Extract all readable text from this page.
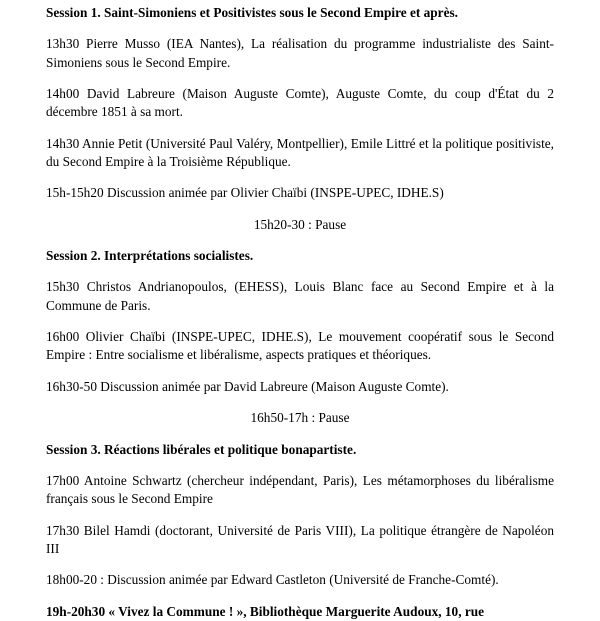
Session 1. Saint-Simoniens et Positivistes sous le Second Empire et après.

13h30 Pierre Musso (IEA Nantes), La réalisation du programme industrialiste des Saint-Simoniens sous le Second Empire.

14h00 David Labreure (Maison Auguste Comte), Auguste Comte, du coup d'État du 2 décembre 1851 à sa mort.

14h30 Annie Petit (Université Paul Valéry, Montpellier), Emile Littré et la politique positiviste, du Second Empire à la Troisième République.

15h-15h20 Discussion animée par Olivier Chaïbi (INSPE-UPEC, IDHE.S)

15h20-30 : Pause

Session 2. Interprétations socialistes.

15h30 Christos Andrianopoulos, (EHESS), Louis Blanc face au Second Empire et à la Commune de Paris.

16h00 Olivier Chaïbi (INSPE-UPEC, IDHE.S), Le mouvement coopératif sous le Second Empire : Entre socialisme et libéralisme, aspects pratiques et théoriques.

16h30-50 Discussion animée par David Labreure (Maison Auguste Comte).

16h50-17h : Pause

Session 3. Réactions libérales et politique bonapartiste.

17h00 Antoine Schwartz (chercheur indépendant, Paris), Les métamorphoses du libéralisme français sous le Second Empire

17h30 Bilel Hamdi (doctorant, Université de Paris VIII), La politique étrangère de Napoléon III

18h00-20 : Discussion animée par Edward Castleton (Université de Franche-Comté).

19h-20h30 « Vivez la Commune ! », Bibliothèque Marguerite Audoux, 10, rue
